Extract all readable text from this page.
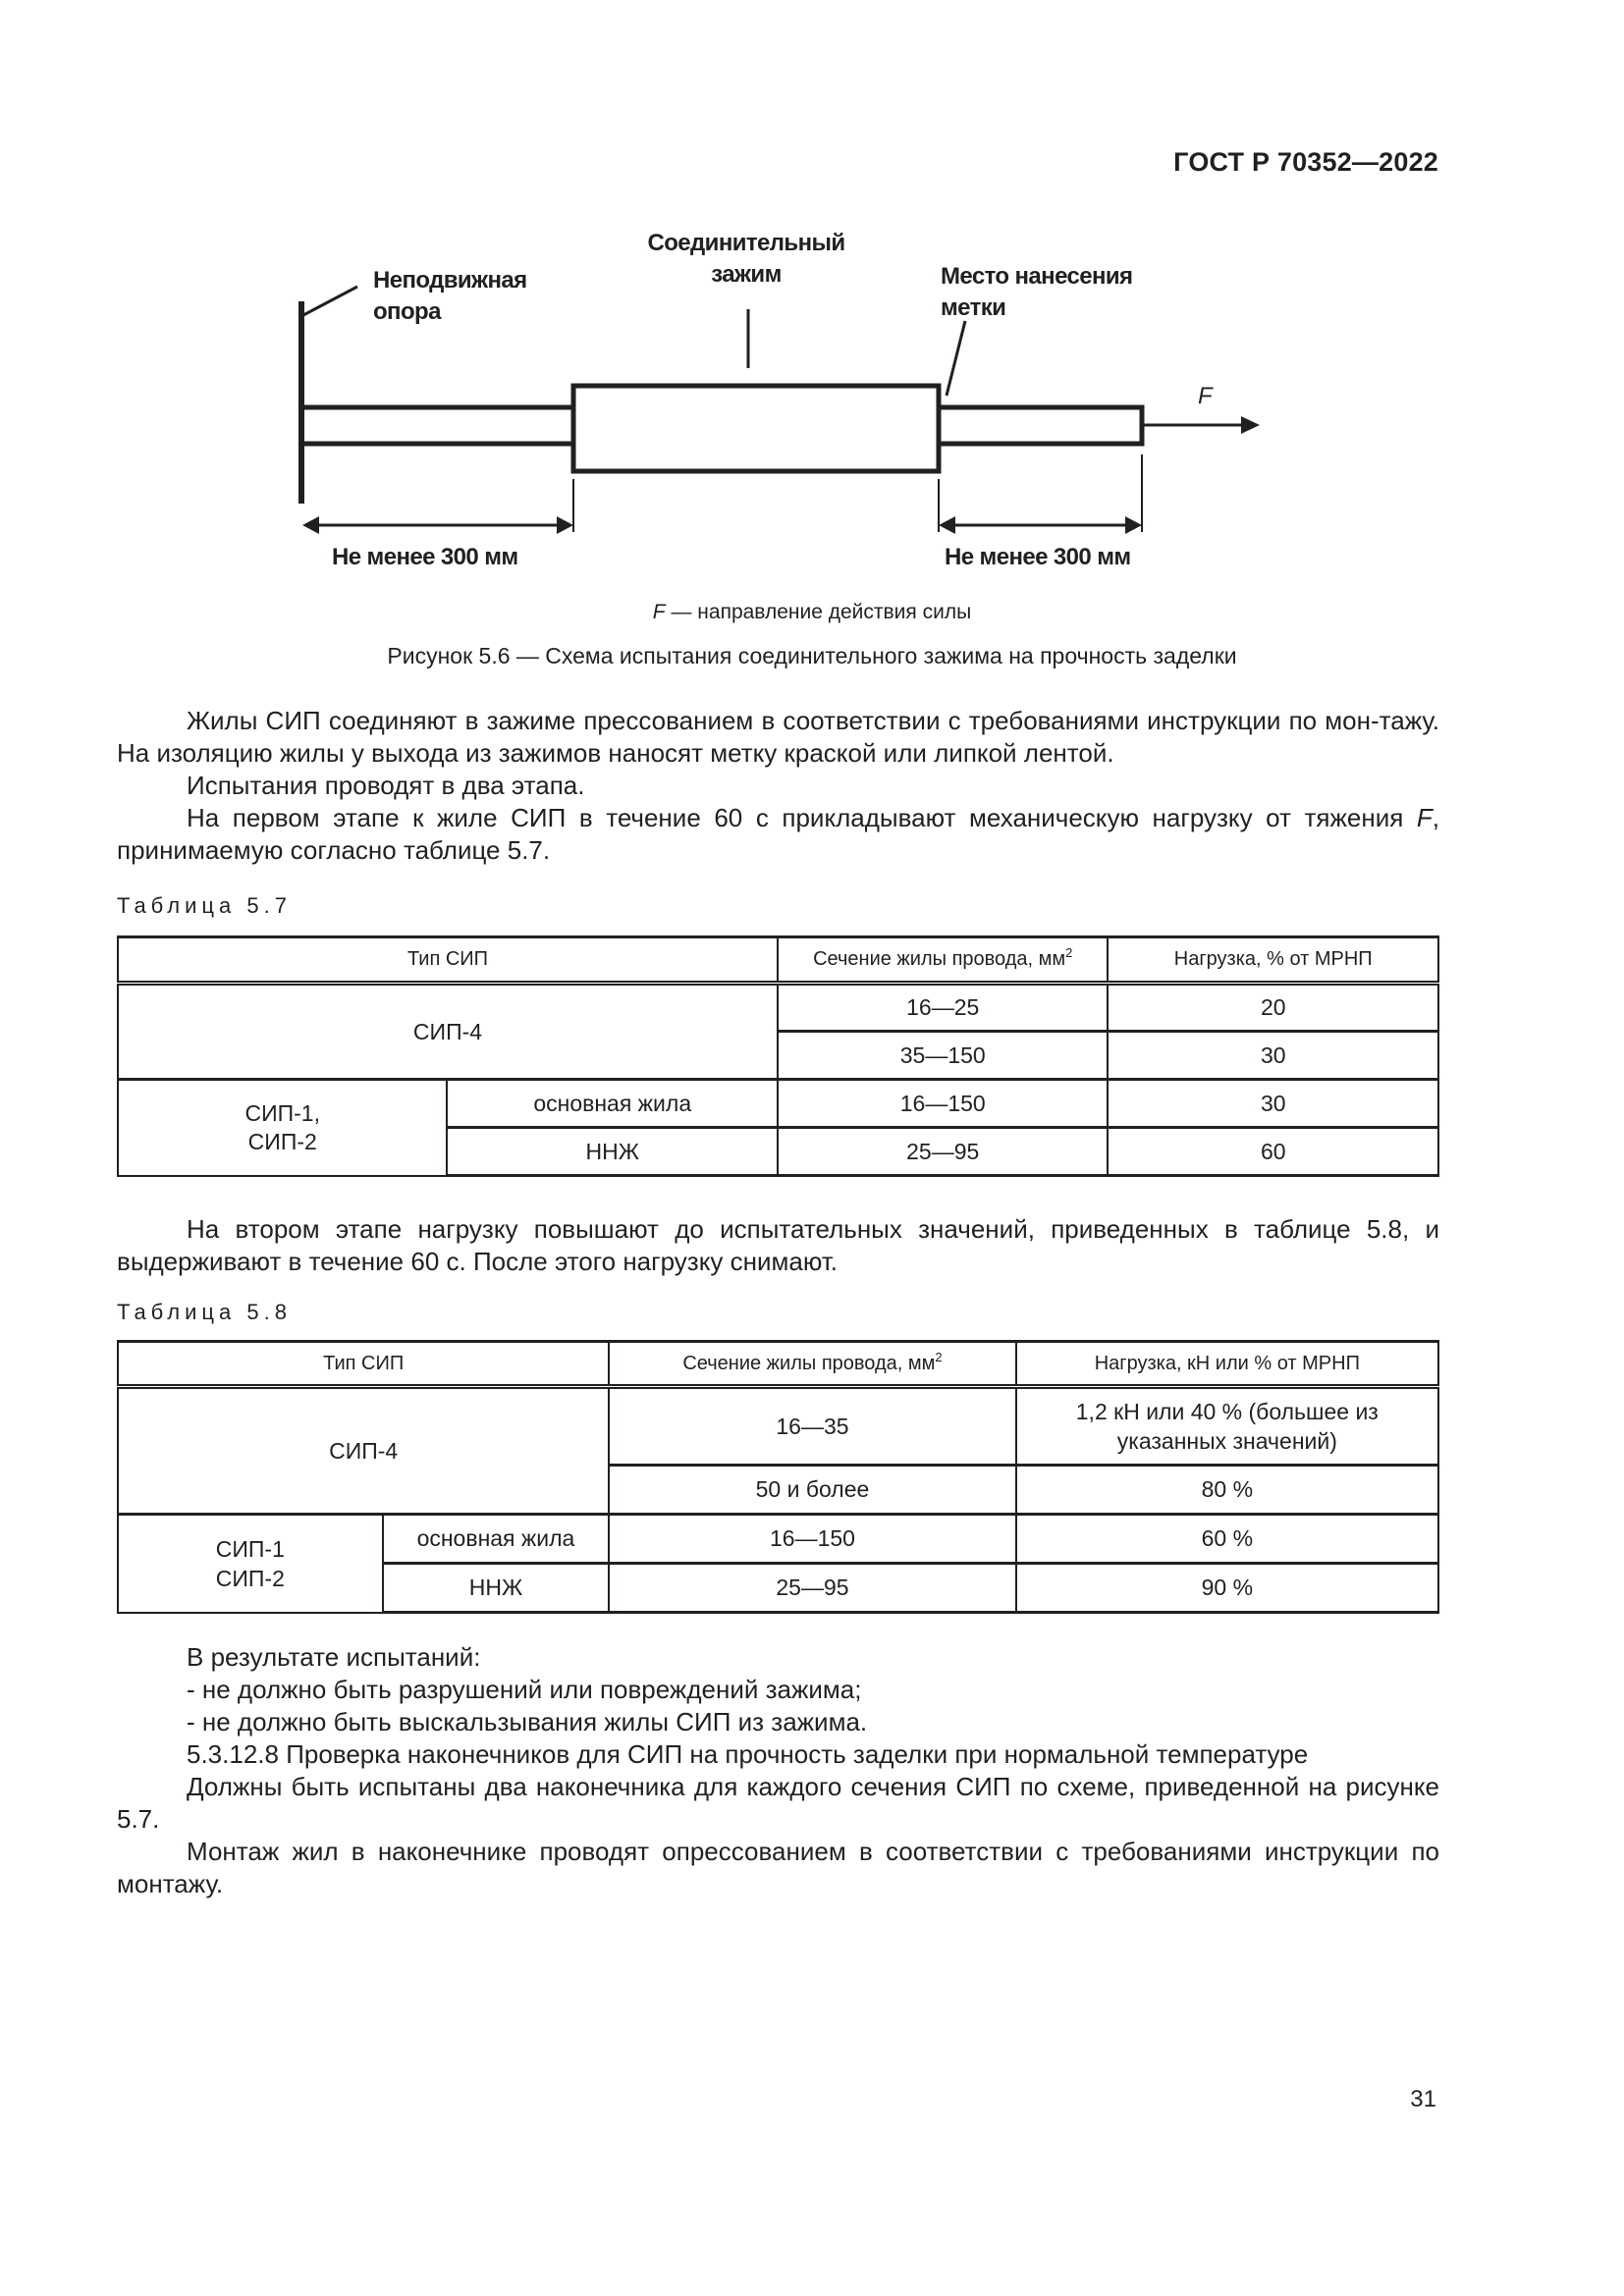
ГОСТ Р 70352—2022
Неподвижная
опора
Соединительный
зажим	Место нанесения
метки
F
Не менее 300 мм	Не менее 300 мм
F — направление действия силы
Рисунок 5.6 — Схема испытания соединительного зажима на прочность заделки

Жилы СИП соединяют в зажиме прессованием в соответствии с требованиями инструкции по мон-тажу. На изоляцию жилы у выхода из зажимов наносят метку краской или липкой лентой.

Испытания проводят в два этапа.

На первом этапе к жиле СИП в течение 60 с прикладывают механическую нагрузку от тяжения F, принимаемую согласно таблице 5.7.

Таблица 5.7
Тип СИП		Сечение жилы провода, $мм^2$	Нагрузка, % от МРНП
СИП-4		16—25	20
		35—150	30

СИП-1,
СИП-2	основная жила	16—150	30
	ННЖ	25—95	60

На втором этапе нагрузку повышают до испытательных значений, приведенных в таблице 5.8, и выдерживают в течение 60 с. После этого нагрузку снимают.

Таблица 5.8
Тип СИП		Сечение жилы провода, $мм^2$	Нагрузка, кН или % от МРНП
СИП-4		16—35	1,2 кН или 40 % (большее из
указанных значений)

		50 и более	80 %

СИП-1
СИП-2	основная жила	16—150	60 %
	ННЖ	25—95	90 %

В результате испытаний:

- не должно быть разрушений или повреждений зажима;

- не должно быть выскальзывания жилы СИП из зажима.

5.3.12.8 Проверка наконечников для СИП на прочность заделки при нормальной температуре

Должны быть испытаны два наконечника для каждого сечения СИП по схеме, приведенной на рисунке 5.7.

Монтаж жил в наконечнике проводят опрессованием в соответствии с требованиями инструкции по монтажу.

31
